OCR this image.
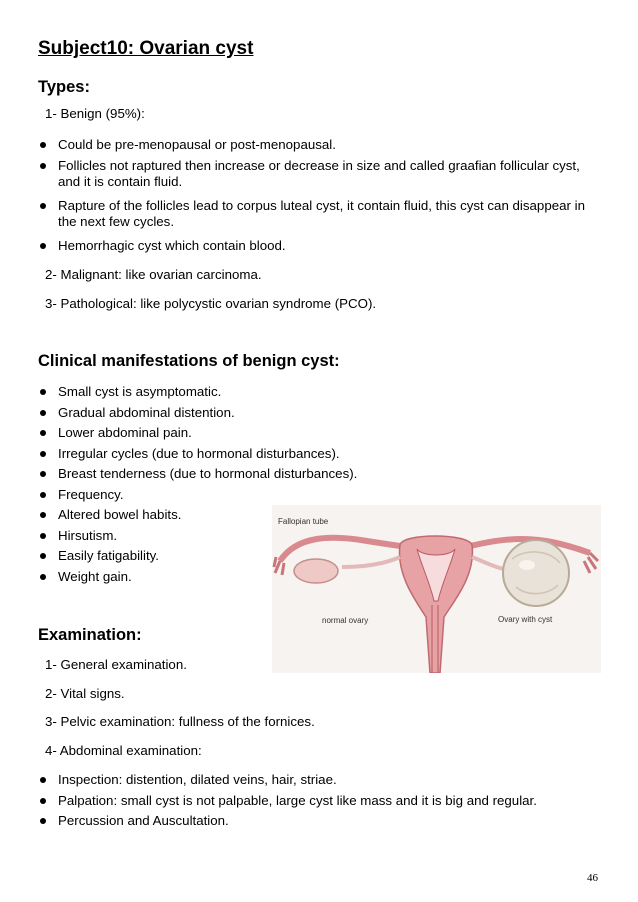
Subject10: Ovarian cyst
Types:
1- Benign (95%):
Could be pre-menopausal or post-menopausal.
Follicles not raptured then increase or decrease in size and called graafian follicular cyst, and it is contain fluid.
Rapture of the follicles lead to corpus luteal cyst, it contain fluid, this cyst can disappear in the next few cycles.
Hemorrhagic cyst which contain blood.
2- Malignant: like ovarian carcinoma.
3- Pathological: like polycystic ovarian syndrome (PCO).
Clinical manifestations of benign cyst:
Small cyst is asymptomatic.
Gradual abdominal distention.
Lower abdominal pain.
Irregular cycles (due to hormonal disturbances).
Breast tenderness (due to hormonal disturbances).
Frequency.
Altered bowel habits.
Hirsutism.
Easily fatigability.
Weight gain.
Fallopian tube
normal ovary	Ovary with cyst
Examination:
1- General examination.
2- Vital signs.
3- Pelvic examination: fullness of the fornices.
4- Abdominal examination:
Inspection: distention, dilated veins, hair, striae.
Palpation: small cyst is not palpable, large cyst like mass and it is big and regular.
Percussion and Auscultation.
46
